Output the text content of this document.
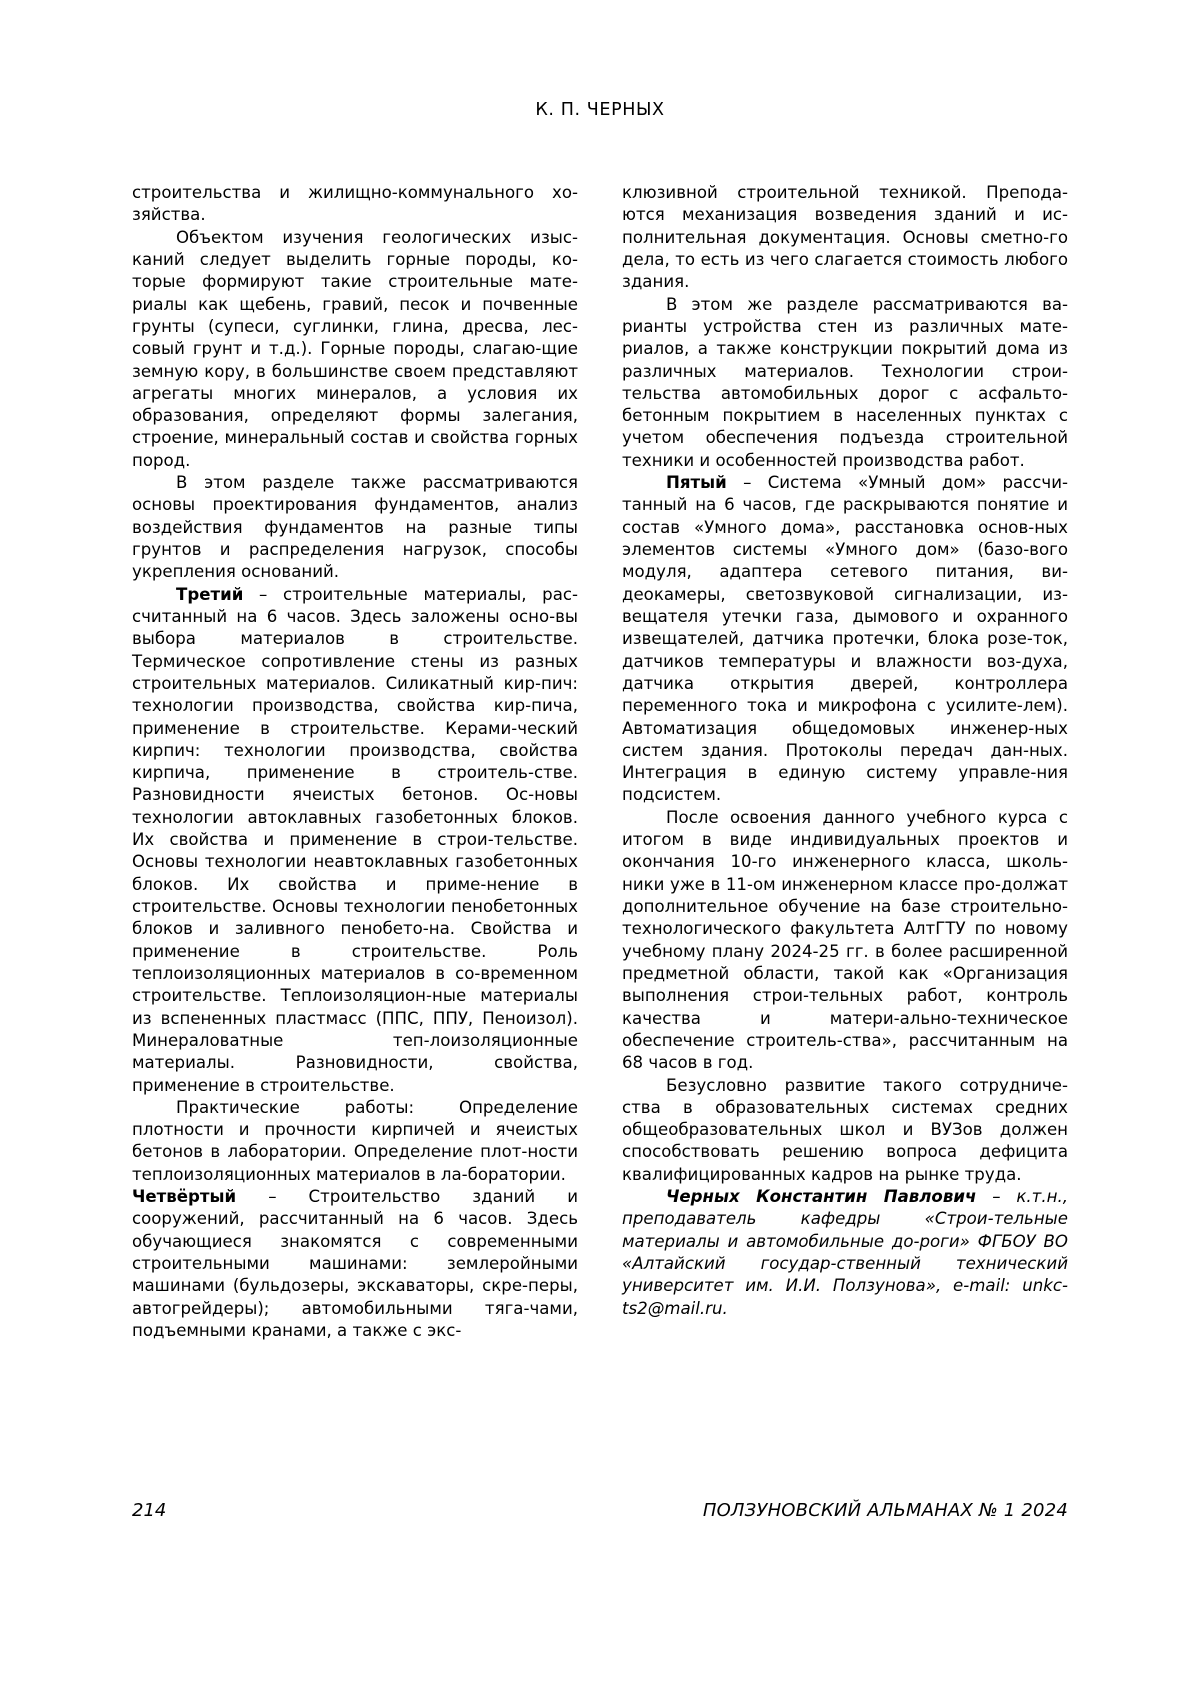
К. П. ЧЕРНЫХ

строительства и жилищно-коммунального хо-зяйства.

Объектом изучения геологических изыс-каний следует выделить горные породы, ко-торые формируют такие строительные мате-риалы как щебень, гравий, песок и почвенные грунты (супеси, суглинки, глина, дресва, лес-совый грунт и т.д.). Горные породы, слагаю-щие земную кору, в большинстве своем представляют агрегаты многих минералов, а условия их образования, определяют формы залегания, строение, минеральный состав и свойства горных пород.

В этом разделе также рассматриваются основы проектирования фундаментов, анализ воздействия фундаментов на разные типы грунтов и распределения нагрузок, способы укрепления оснований.

Третий – строительные материалы, рас-считанный на 6 часов. Здесь заложены осно-вы выбора материалов в строительстве. Термическое сопротивление стены из разных строительных материалов. Силикатный кир-пич: технологии производства, свойства кир-пича, применение в строительстве. Керами-ческий кирпич: технологии производства, свойства кирпича, применение в строитель-стве. Разновидности ячеистых бетонов. Ос-новы технологии автоклавных газобетонных блоков. Их свойства и применение в строи-тельстве. Основы технологии неавтоклавных газобетонных блоков. Их свойства и приме-нение в строительстве. Основы технологии пенобетонных блоков и заливного пенобето-на. Свойства и применение в строительстве. Роль теплоизоляционных материалов в со-временном строительстве. Теплоизоляцион-ные материалы из вспененных пластмасс (ППС, ППУ, Пеноизол). Минераловатные теп-лоизоляционные материалы. Разновидности, свойства, применение в строительстве.

Практические работы: Определение плотности и прочности кирпичей и ячеистых бетонов в лаборатории. Определение плот-ности теплоизоляционных материалов в ла-боратории.

Четвёртый – Строительство зданий и сооружений, рассчитанный на 6 часов. Здесь обучающиеся знакомятся с современными строительными машинами: землеройными машинами (бульдозеры, экскаваторы, скре-перы, автогрейдеры); автомобильными тяга-чами, подъемными кранами, а также с экс-

клюзивной строительной техникой. Препода-ются механизация возведения зданий и ис-полнительная документация. Основы сметно-го дела, то есть из чего слагается стоимость любого здания.

В этом же разделе рассматриваются ва-рианты устройства стен из различных мате-риалов, а также конструкции покрытий дома из различных материалов. Технологии строи-тельства автомобильных дорог с асфальто-бетонным покрытием в населенных пунктах с учетом обеспечения подъезда строительной техники и особенностей производства работ.

Пятый – Система «Умный дом» рассчи-танный на 6 часов, где раскрываются понятие и состав «Умного дома», расстановка основ-ных элементов системы «Умного дом» (базо-вого модуля, адаптера сетевого питания, ви-деокамеры, светозвуковой сигнализации, из-вещателя утечки газа, дымового и охранного извещателей, датчика протечки, блока розе-ток, датчиков температуры и влажности воз-духа, датчика открытия дверей, контроллера переменного тока и микрофона с усилите-лем). Автоматизация общедомовых инженер-ных систем здания. Протоколы передач дан-ных. Интеграция в единую систему управле-ния подсистем.

После освоения данного учебного курса с итогом в виде индивидуальных проектов и окончания 10-го инженерного класса, школь-ники уже в 11-ом инженерном классе про-должат дополнительное обучение на базе строительно-технологического факультета АлтГТУ по новому учебному плану 2024-25 гг. в более расширенной предметной области, такой как «Организация выполнения строи-тельных работ, контроль качества и матери-ально-техническое обеспечение строитель-ства», рассчитанным на 68 часов в год.

Безусловно развитие такого сотрудниче-ства в образовательных системах средних общеобразовательных школ и ВУЗов должен способствовать решению вопроса дефицита квалифицированных кадров на рынке труда.

Черных Константин Павлович – к.т.н., преподаватель кафедры «Строи-тельные материалы и автомобильные до-роги» ФГБОУ ВО «Алтайский государ-ственный технический университет им. И.И. Ползунова», e-mail: unkc-ts2@mail.ru.

214	ПОЛЗУНОВСКИЙ АЛЬМАНАХ № 1 2024
